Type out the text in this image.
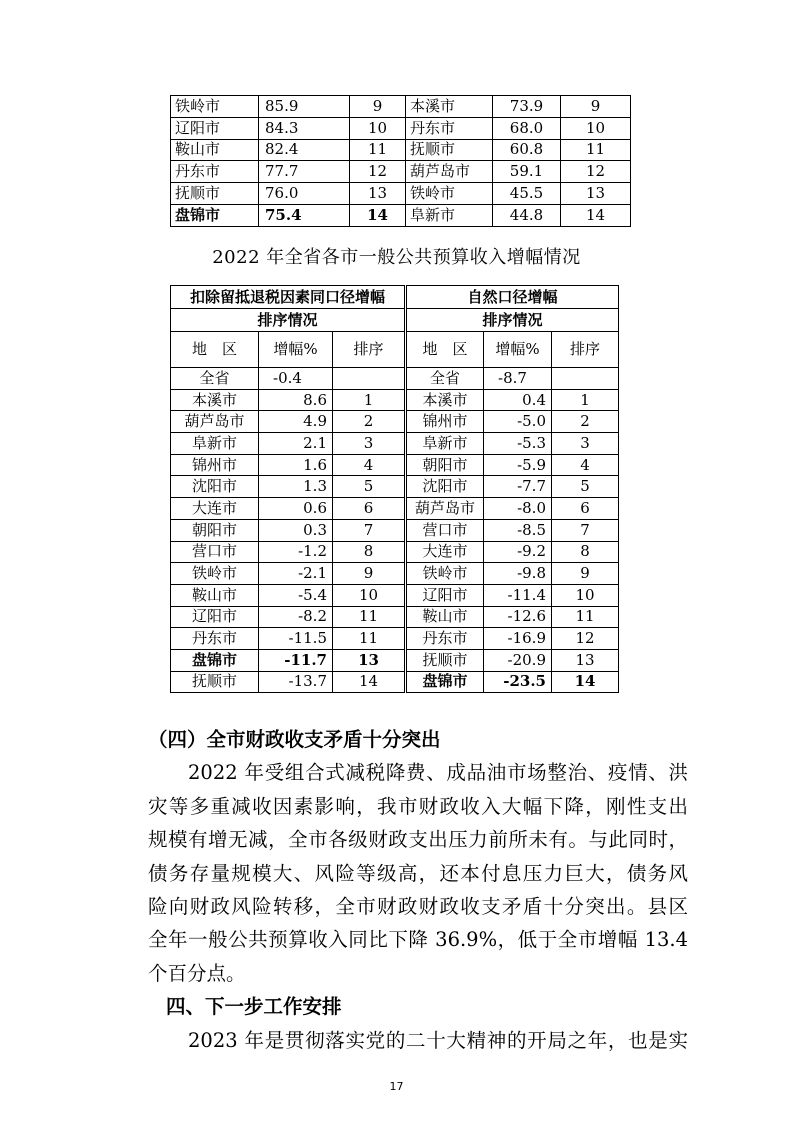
铁岭市	85.9	9	本溪市	73.9	9
辽阳市	84.3	10	丹东市	68.0	10
鞍山市	82.4	11	抚顺市	60.8	11
丹东市	77.7	12	葫芦岛市	59.1	12
抚顺市	76.0	13	铁岭市	45.5	13
盘锦市	75.4	14	阜新市	44.8	14
2022 年全省各市一般公共预算收入增幅情况
扣除留抵退税因素同口径增幅			自然口径增幅		
排序情况			排序情况		
地　区	增幅%	排序	地　区	增幅%	排序
全省	-0.4		全省	-8.7	
本溪市	8.6	1	本溪市	0.4	1
葫芦岛市	4.9	2	锦州市	-5.0	2
阜新市	2.1	3	阜新市	-5.3	3
锦州市	1.6	4	朝阳市	-5.9	4
沈阳市	1.3	5	沈阳市	-7.7	5
大连市	0.6	6	葫芦岛市	-8.0	6
朝阳市	0.3	7	营口市	-8.5	7
营口市	-1.2	8	大连市	-9.2	8
铁岭市	-2.1	9	铁岭市	-9.8	9
鞍山市	-5.4	10	辽阳市	-11.4	10
辽阳市	-8.2	11	鞍山市	-12.6	11
丹东市	-11.5	11	丹东市	-16.9	12
盘锦市	-11.7	13	抚顺市	-20.9	13
抚顺市	-13.7	14	盘锦市	-23.5	14
（四）全市财政收支矛盾十分突出
2022 年受组合式减税降费、成品油市场整治、疫情、洪
灾等多重减收因素影响，我市财政收入大幅下降，刚性支出
规模有增无减，全市各级财政支出压力前所未有。与此同时，
债务存量规模大、风险等级高，还本付息压力巨大，债务风
险向财政风险转移，全市财政财政收支矛盾十分突出。县区
全年一般公共预算收入同比下降 36.9%，低于全市增幅 13.4
个百分点。
四、下一步工作安排
2023 年是贯彻落实党的二十大精神的开局之年，也是实
17
